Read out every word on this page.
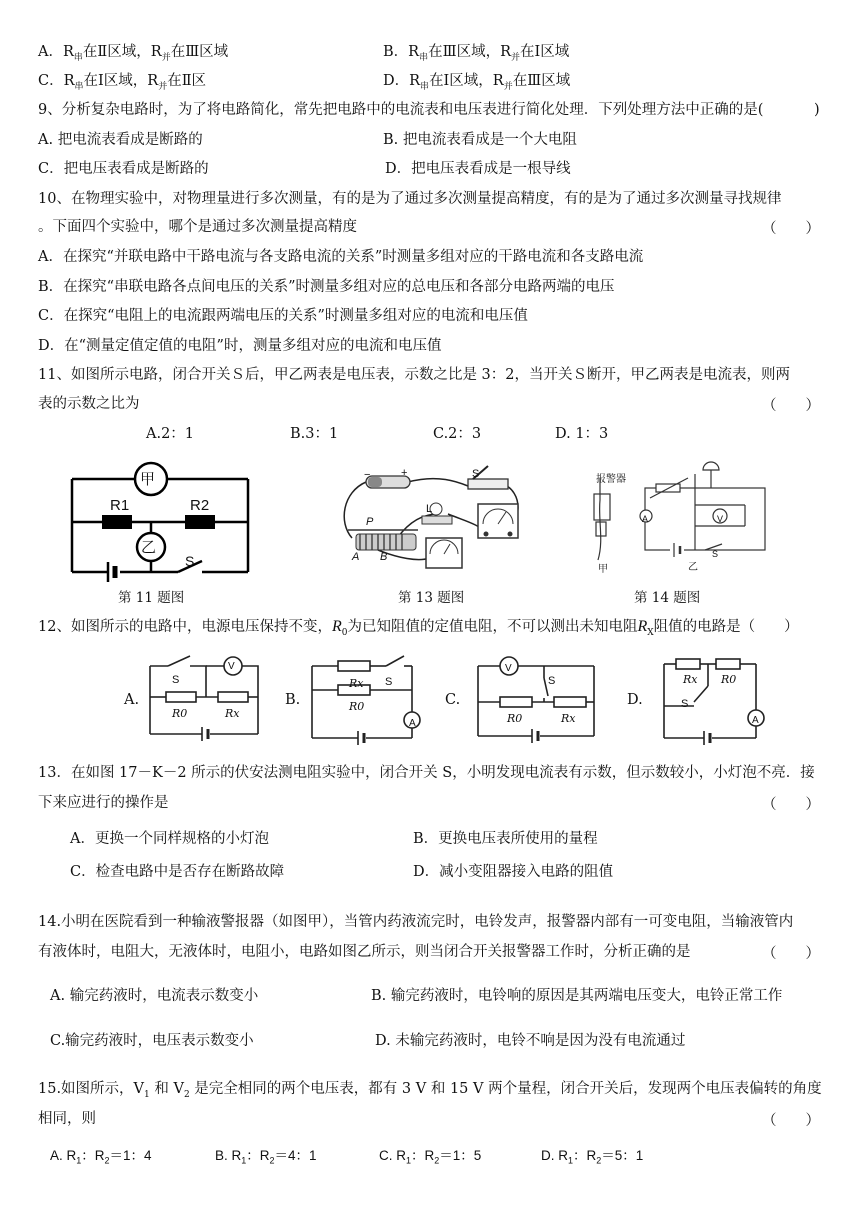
A．$R_串$在Ⅱ区域，$R_并$在Ⅲ区域	B．$R_串$在Ⅲ区域，$R_并$在Ⅰ区域
C．$R_串$在Ⅰ区域，$R_并$在Ⅱ区	D．$R_串$在Ⅰ区域，$R_并$在Ⅲ区域
9、分析复杂电路时，为了将电路简化，常先把电路中的电流表和电压表进行简化处理．下列处理方法中正确的是(	)
A. 把电流表看成是断路的	B. 把电流表看成是一个大电阻
C．把电压表看成是断路的	D．把电压表看成是一根导线
10、在物理实验中，对物理量进行多次测量，有的是为了通过多次测量提高精度，有的是为了通过多次测量寻找规律
。下面四个实验中，哪个是通过多次测量提高精度	（　　）
A．在探究“并联电路中干路电流与各支路电流的关系”时测量多组对应的干路电流和各支路电流
B．在探究“串联电路各点间电压的关系”时测量多组对应的总电压和各部分电路两端的电压
C．在探究“电阻上的电流跟两端电压的关系”时测量多组对应的电流和电压值
D．在“测量定值定值的电阻”时，测量多组对应的电流和电压值
11、如图所示电路，闭合开关Ｓ后，甲乙两表是电压表，示数之比是 3：2，当开关Ｓ断开，甲乙两表是电流表，则两
表的示数之比为	（　　）
A.2：1	B.3：1	C.2：3	D. 1：3
甲
乙
R1	R2
S
−	+	S
L
P
A B
报警器
A	V
S
甲	乙
第 11 题图	第 13 题图	第 14 题图
12、如图所示的电路中，电源电压保持不变，$R_0$为已知阻值的定值电阻，不可以测出未知电阻$R_X$阻值的电路是（　　）
A.
S
V
R0	Rx
B.
Rx S
R0
A
C.
V
S
R0	Rx
D.
Rx R0
S
A
13．在如图 17－K－2 所示的伏安法测电阻实验中，闭合开关 S，小明发现电流表有示数，但示数较小，小灯泡不亮．接
下来应进行的操作是	（　　）
A．更换一个同样规格的小灯泡	B．更换电压表所使用的量程
C．检查电路中是否存在断路故障	D．减小变阻器接入电路的阻值
14.小明在医院看到一种输液警报器（如图甲），当管内药液流完时，电铃发声，报警器内部有一可变电阻，当输液管内
有液体时，电阻大，无液体时，电阻小，电路如图乙所示，则当闭合开关报警器工作时，分析正确的是	（　　）
A. 输完药液时，电流表示数变小	B. 输完药液时，电铃响的原因是其两端电压变大，电铃正常工作
C.输完药液时，电压表示数变小	D. 未输完药液时，电铃不响是因为没有电流通过
15.如图所示，$V_1$ 和 $V_2$ 是完全相同的两个电压表，都有 3 V 和 15 V 两个量程，闭合开关后，发现两个电压表偏转的角度
相同，则	（　　）
A. $R_1$：$R_2=1$：4	B. $R_1$：$R_2=4$：1	C. $R_1$：$R_2=1$：5	D. $R_1$：$R_2=5$：1
